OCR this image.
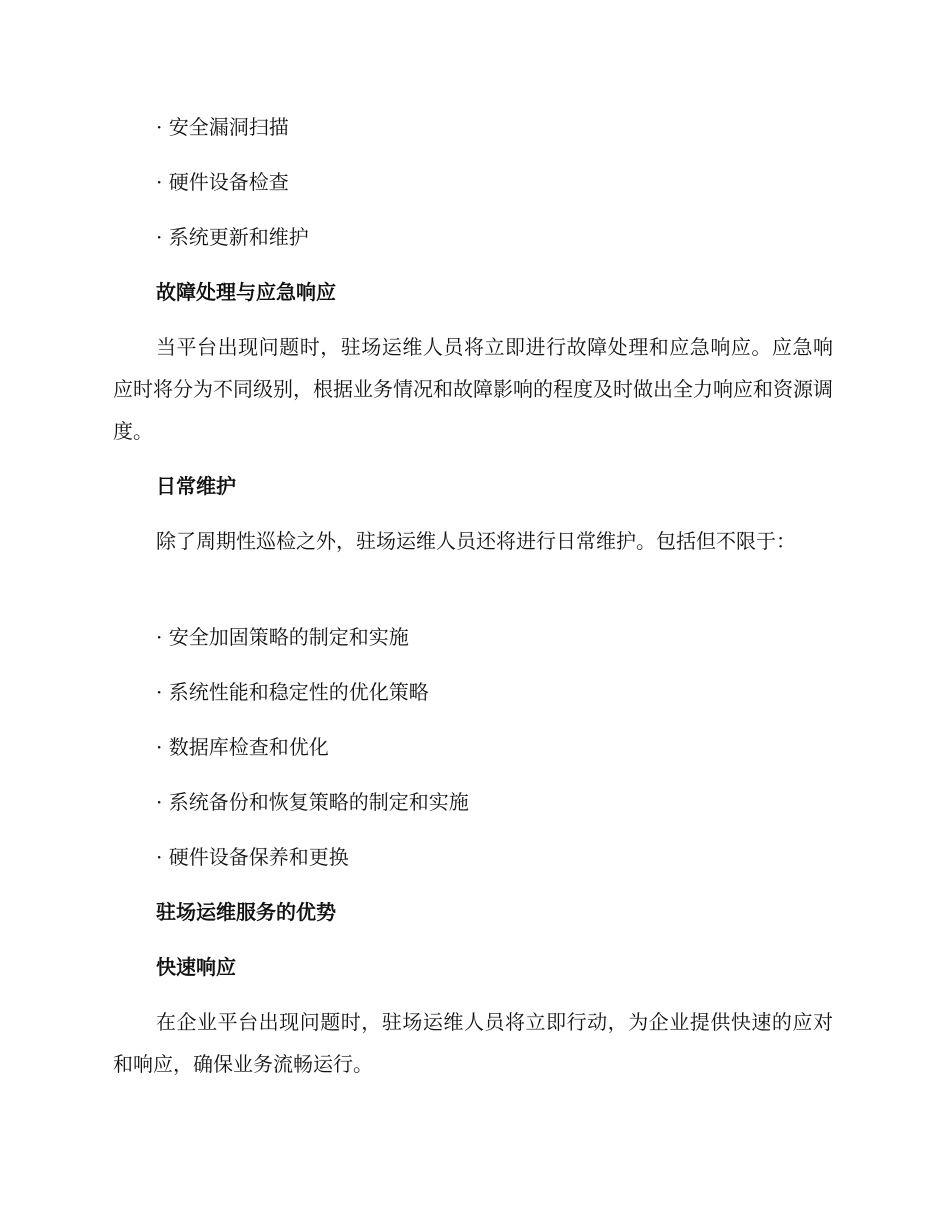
· 安全漏洞扫描
· 硬件设备检查
· 系统更新和维护
故障处理与应急响应

当平台出现问题时，驻场运维人员将立即进行故障处理和应急响应。应急响应时将分为不同级别，根据业务情况和故障影响的程度及时做出全力响应和资源调度。

日常维护

除了周期性巡检之外，驻场运维人员还将进行日常维护。包括但不限于：

· 安全加固策略的制定和实施
· 系统性能和稳定性的优化策略
· 数据库检查和优化
· 系统备份和恢复策略的制定和实施
· 硬件设备保养和更换
驻场运维服务的优势
快速响应

在企业平台出现问题时，驻场运维人员将立即行动，为企业提供快速的应对和响应，确保业务流畅运行。
